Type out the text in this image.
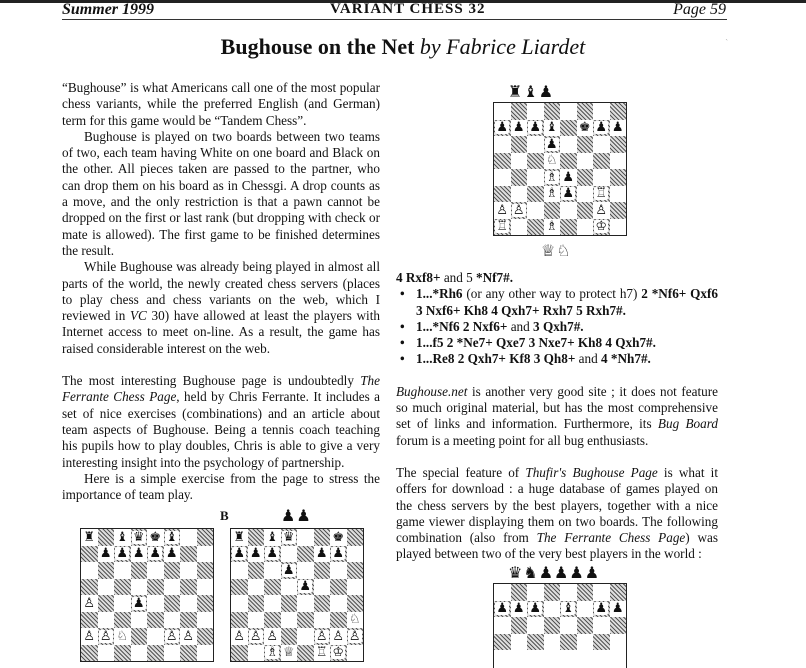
Summer 1999	VARIANT CHESS 32	Page 59
Bughouse on the Net by Fabrice Liardet

“Bughouse” is what Americans call one of the most popular chess variants, while the preferred English (and German) term for this game would be “Tandem Chess”.

Bughouse is played on two boards between two teams of two, each team having White on one board and Black on the other. All pieces taken are passed to the partner, who can drop them on his board as in Chessgi. A drop counts as a move, and the only restriction is that a pawn cannot be dropped on the first or last rank (but dropping with check or mate is allowed). The first game to be finished determines the result.

While Bughouse was already being played in almost all parts of the world, the newly created chess servers (places to play chess and chess variants on the web, which I reviewed in VC 30) have allowed at least the players with Internet access to meet on-line. As a result, the game has raised considerable interest on the web.

The most interesting Bughouse page is undoubtedly The Ferrante Chess Page, held by Chris Ferrante. It includes a set of nice exercises (combinations) and an article about team aspects of Bughouse. Being a tennis coach teaching his pupils how to play doubles, Chris is able to give a very interesting insight into the psychology of partnership.

Here is a simple exercise from the page to stress the importance of team play.

4 Rxf8+ and 5 *Nf7#.

• 1...*Rh6 (or any other way to protect h7) 2 *Nf6+ Qxf6 3 Nxf6+ Kh8 4 Qxh7+ Rxh7 5 Rxh7#.
• 1...*Nf6 2 Nxf6+ and 3 Qxh7#.
• 1...f5 2 *Ne7+ Qxe7 3 Nxe7+ Kh8 4 Qxh7#.
• 1...Re8 2 Qxh7+ Kf8 3 Qh8+ and 4 *Nh7#.

Bughouse.net is another very good site ; it does not feature so much original material, but has the most comprehensive set of links and information. Furthermore, its Bug Board forum is a meeting point for all bug enthusiasts.

The special feature of Thufir's Bughouse Page is what it offers for download : a huge database of games played on the chess servers by the best players, together with a nice game viewer displaying them on two boards. The following combination (also from The Ferrante Chess Page) was played between two of the very best players in the world :

♜♝♟
♟ ♟ ♟ ♝ ♚ ♟ ♟
♟
♘
♗ ♟
♗ ♟ ♖
♙ ♙	♙
♖	♗	♔
♕♘
B	♟♟
♜ ♝ ♛ ♚ ♝
♟ ♟ ♟ ♟ ♟
♙	♟
♙ ♙ ♘	♙ ♙
♜ ♝ ♛	♚
♟ ♟ ♟	♟ ♟
♟
♟
♘
♙ ♙ ♙	♙ ♙ ♙
♗ ♕ ♖ ♔
♛♞♟♟♟♟
♟ ♟ ♟ ♝ ♟ ♟
`
